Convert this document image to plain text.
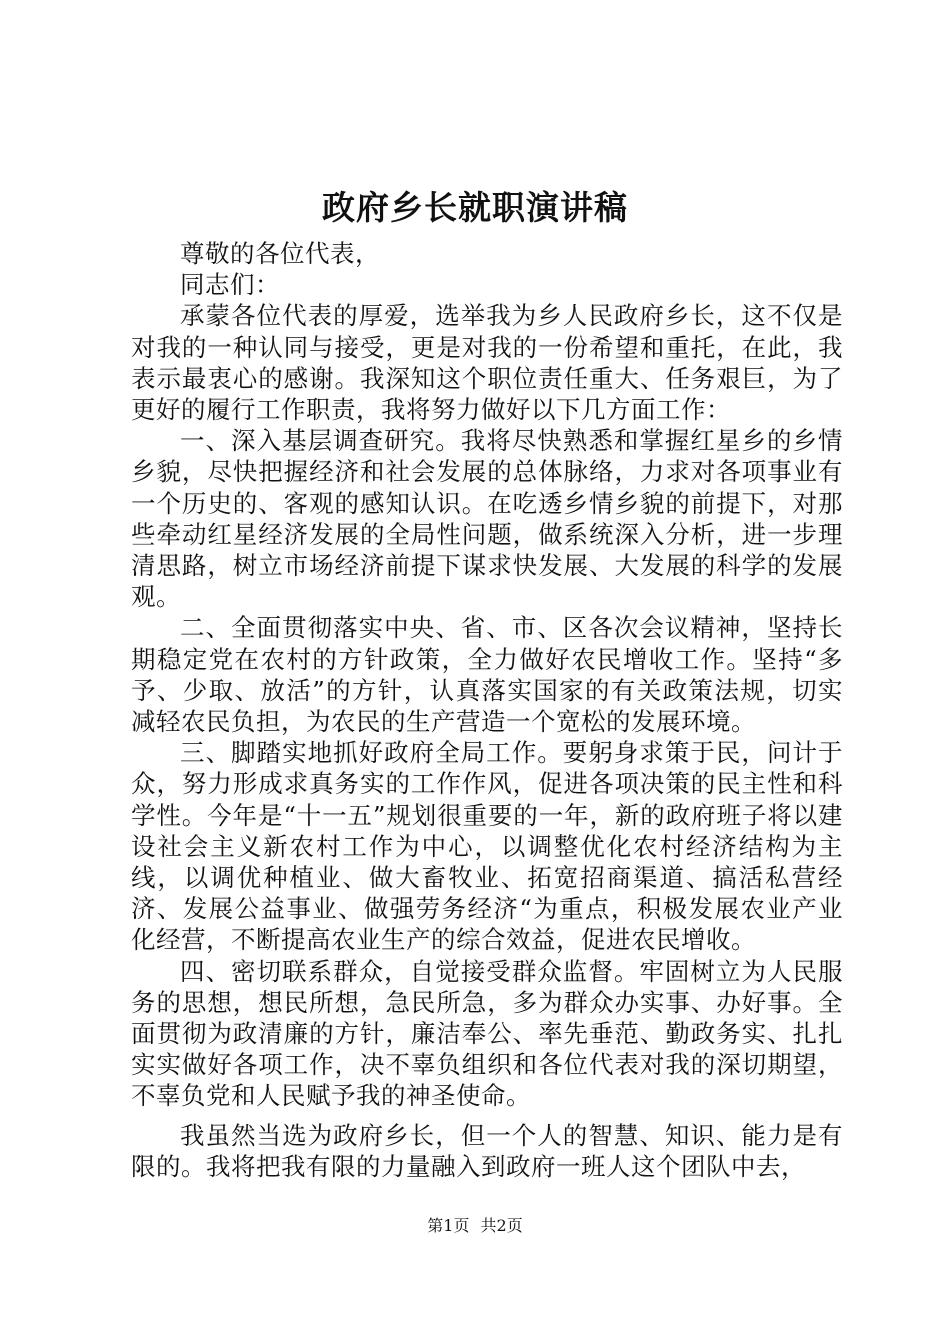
政府乡长就职演讲稿

尊敬的各位代表，

同志们：

承蒙各位代表的厚爱，选举我为乡人民政府乡长，这不仅是对我的一种认同与接受，更是对我的一份希望和重托，在此，我表示最衷心的感谢。我深知这个职位责任重大、任务艰巨，为了更好的履行工作职责，我将努力做好以下几方面工作：

一、深入基层调查研究。我将尽快熟悉和掌握红星乡的乡情乡貌，尽快把握经济和社会发展的总体脉络，力求对各项事业有一个历史的、客观的感知认识。在吃透乡情乡貌的前提下，对那些牵动红星经济发展的全局性问题，做系统深入分析，进一步理清思路，树立市场经济前提下谋求快发展、大发展的科学的发展观。

二、全面贯彻落实中央、省、市、区各次会议精神，坚持长期稳定党在农村的方针政策，全力做好农民增收工作。坚持“多予、少取、放活”的方针，认真落实国家的有关政策法规，切实减轻农民负担，为农民的生产营造一个宽松的发展环境。

三、脚踏实地抓好政府全局工作。要躬身求策于民，问计于众，努力形成求真务实的工作作风，促进各项决策的民主性和科学性。今年是“十一五”规划很重要的一年，新的政府班子将以建设社会主义新农村工作为中心，以调整优化农村经济结构为主线，以调优种植业、做大畜牧业、拓宽招商渠道、搞活私营经济、发展公益事业、做强劳务经济“为重点，积极发展农业产业化经营，不断提高农业生产的综合效益，促进农民增收。

四、密切联系群众，自觉接受群众监督。牢固树立为人民服务的思想，想民所想，急民所急，多为群众办实事、办好事。全面贯彻为政清廉的方针，廉洁奉公、率先垂范、勤政务实、扎扎实实做好各项工作，决不辜负组织和各位代表对我的深切期望，不辜负党和人民赋予我的神圣使命。

我虽然当选为政府乡长，但一个人的智慧、知识、能力是有限的。我将把我有限的力量融入到政府一班人这个团队中去，

第1页 共2页
